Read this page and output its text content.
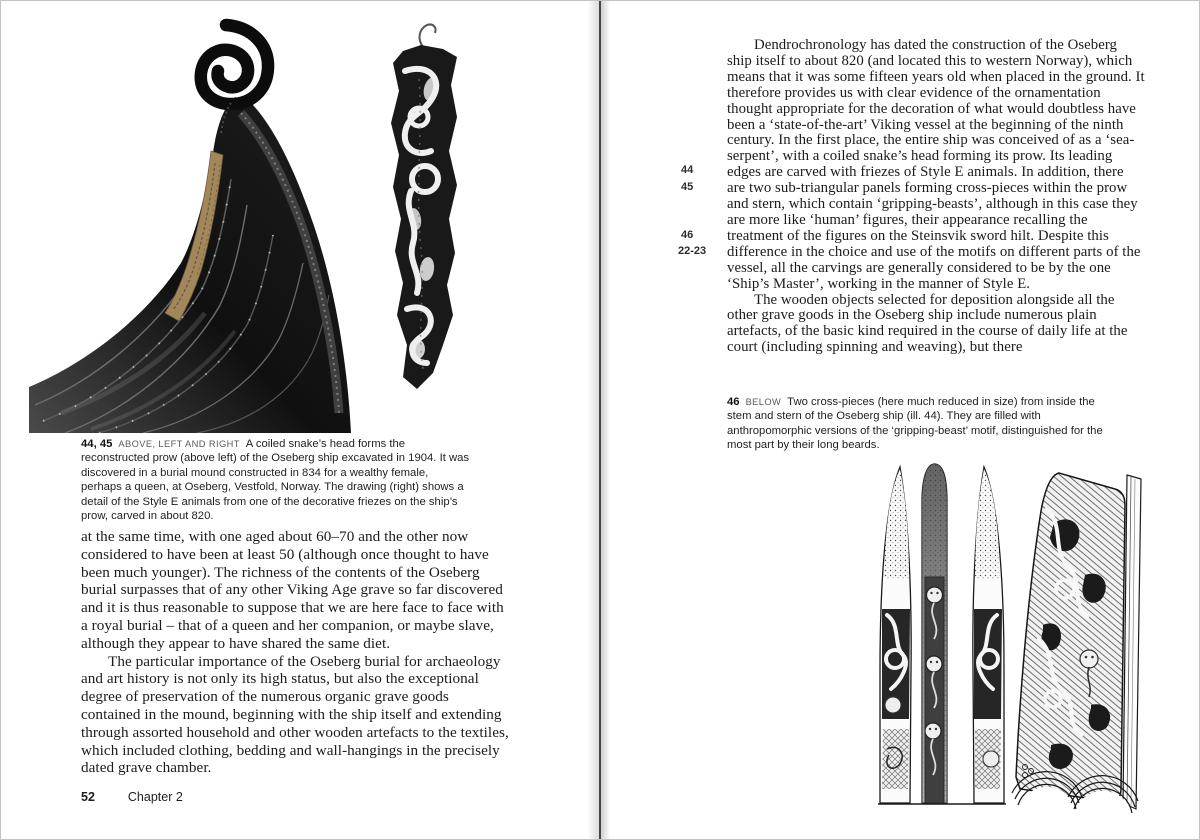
44, 45 ABOVE, LEFT AND RIGHT A coiled snake’s head forms the reconstructed prow (above left) of the Oseberg ship excavated in 1904. It was discovered in a burial mound constructed in 834 for a wealthy female, perhaps a queen, at Oseberg, Vestfold, Norway. The drawing (right) shows a detail of the Style E animals from one of the decorative friezes on the ship’s prow, carved in about 820.

at the same time, with one aged about 60–70 and the other now considered to have been at least 50 (although once thought to have been much younger). The richness of the contents of the Oseberg burial surpasses that of any other Viking Age grave so far discovered and it is thus reasonable to suppose that we are here face to face with a royal burial – that of a queen and her companion, or maybe slave, although they appear to have shared the same diet.

The particular importance of the Oseberg burial for archaeology and art history is not only its high status, but also the exceptional degree of preservation of the numerous organic grave goods contained in the mound, beginning with the ship itself and extending through assorted household and other wooden artefacts to the textiles, which included clothing, bedding and wall-hangings in the precisely dated grave chamber.

52	Chapter 2
44
45
46
22-23

Dendrochronology has dated the construction of the Oseberg ship itself to about 820 (and located this to western Norway), which means that it was some fifteen years old when placed in the ground. It therefore provides us with clear evidence of the ornamentation thought appropriate for the decoration of what would doubtless have been a ‘state-of-the-art’ Viking vessel at the beginning of the ninth century. In the first place, the entire ship was conceived of as a ‘sea-serpent’, with a coiled snake’s head forming its prow. Its leading edges are carved with friezes of Style E animals. In addition, there are two sub-triangular panels forming cross-pieces within the prow and stern, which contain ‘gripping-beasts’, although in this case they are more like ‘human’ figures, their appearance recalling the treatment of the figures on the Steinsvik sword hilt. Despite this difference in the choice and use of the motifs on different parts of the vessel, all the carvings are generally considered to be by the one ‘Ship’s Master’, working in the manner of Style E.

The wooden objects selected for deposition alongside all the other grave goods in the Oseberg ship include numerous plain artefacts, of the basic kind required in the course of daily life at the court (including spinning and weaving), but there

46 BELOW Two cross-pieces (here much reduced in size) from inside the stem and stern of the Oseberg ship (ill. 44). They are filled with anthropomorphic versions of the ‘gripping-beast’ motif, distinguished for the most part by their long beards.
